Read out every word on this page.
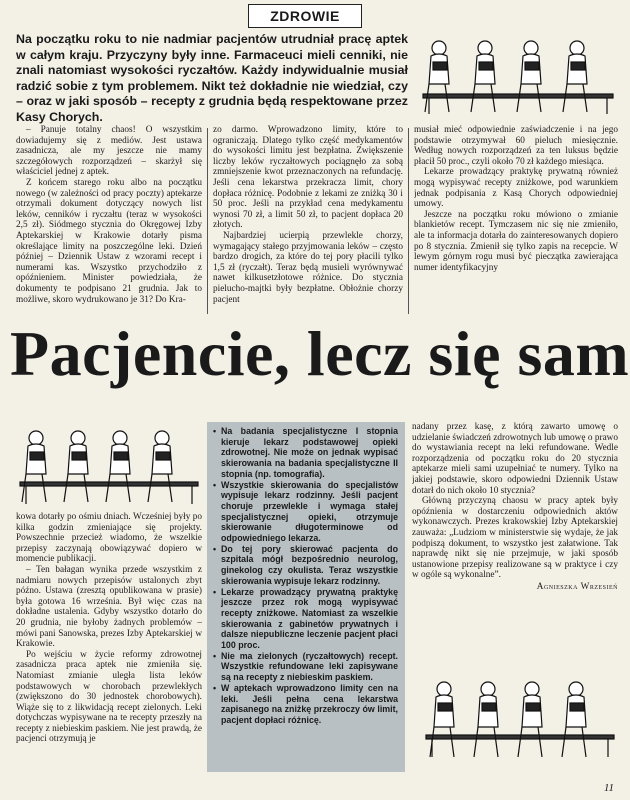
ZDROWIE

Na początku roku to nie nadmiar pacjentów utrudniał pracę aptek w całym kraju. Przyczyny były inne. Farmaceuci mieli cenniki, nie znali natomiast wysokości ryczałtów. Każdy indywidualnie musiał radzić sobie z tym problemem. Nikt też dokładnie nie wiedział, czy – oraz w jaki sposób – recepty z grudnia będą respektowane przez Kasy Chorych.

– Panuje totalny chaos! O wszystkim dowiadujemy się z mediów. Jest ustawa zasadnicza, ale my jeszcze nie mamy szczegółowych rozporządzeń – skarżył się właściciel jednej z aptek.

Z końcem starego roku albo na początku nowego (w zależności od pracy poczty) aptekarze otrzymali dokument dotyczący nowych list leków, cenników i ryczałtu (teraz w wysokości 2,5 zł). Siódmego stycznia do Okręgowej Izby Aptekarskiej w Krakowie dotarły pisma określające limity na poszczególne leki. Dzień później – Dziennik Ustaw z wzorami recept i numerami kas. Wszystko przychodziło z opóźnieniem. Minister powiedziała, że dokumenty te podpisano 21 grudnia. Jak to możliwe, skoro wydrukowano je 31? Do Kra-

zo darmo. Wprowadzono limity, które to ograniczają. Dlatego tylko część medykamentów do wysokości limitu jest bezpłatna. Zwiększenie liczby leków ryczałtowych pociągnęło za sobą zmniejszenie kwot przeznaczonych na refundację. Jeśli cena lekarstwa przekracza limit, chory dopłaca różnicę. Podobnie z lekami ze zniżką 30 i 50 proc. Jeśli na przykład cena medykamentu wynosi 70 zł, a limit 50 zł, to pacjent dopłaca 20 złotych.

Najbardziej ucierpią przewlekle chorzy, wymagający stałego przyjmowania leków – często bardzo drogich, za które do tej pory płacili tylko 1,5 zł (ryczałt). Teraz będą musieli wyrównywać nawet kilkusetzłotowe różnice. Do stycznia pielucho-majtki były bezpłatne. Obłożnie chorzy pacjent

musiał mieć odpowiednie zaświadczenie i na jego podstawie otrzymywał 60 pieluch miesięcznie. Według nowych rozporządzeń za ten luksus będzie płacił 50 proc., czyli około 70 zł każdego miesiąca.

Lekarze prowadzący praktykę prywatną również mogą wypisywać recepty zniżkowe, pod warunkiem jednak podpisania z Kasą Chorych odpowiedniej umowy.

Jeszcze na początku roku mówiono o zmianie blankietów recept. Tymczasem nic się nie zmieniło, ale ta informacja dotarła do zainteresowanych dopiero po 8 stycznia. Zmienił się tylko zapis na recepcie. W lewym górnym rogu musi być pieczątka zawierająca numer identyfikacyjny

Pacjencie, lecz się sam

kowa dotarły po ośmiu dniach. Wcześniej były po kilka godzin zmieniające się projekty. Powszechnie przecież wiadomo, że wszelkie przepisy zaczynają obowiązywać dopiero w momencie publikacji.

– Ten bałagan wynika przede wszystkim z nadmiaru nowych przepisów ustalonych zbyt późno. Ustawa (zresztą opublikowana w prasie) była gotowa 16 września. Był więc czas na dokładne ustalenia. Gdyby wszystko dotarło do 20 grudnia, nie byłoby żadnych problemów – mówi pani Sanowska, prezes Izby Aptekarskiej w Krakowie.

Po wejściu w życie reformy zdrowotnej zasadnicza praca aptek nie zmieniła się. Natomiast zmianie uległa lista leków podstawowych w chorobach przewlekłych (zwiększono do 30 jednostek chorobowych). Wiąże się to z likwidacją recept zielonych. Leki dotychczas wypisywane na te recepty przeszły na recepty z niebieskim paskiem. Nie jest prawdą, że pacjenci otrzymują je

• Na badania specjalistyczne I stopnia kieruje lekarz podstawowej opieki zdrowotnej. Nie może on jednak wypisać skierowania na badania specjalistyczne II stopnia (np. tomografia).
• Wszystkie skierowania do specjalistów wypisuje lekarz rodzinny. Jeśli pacjent choruje przewlekle i wymaga stałej specjalistycznej opieki, otrzymuje skierowanie długoterminowe od odpowiedniego lekarza.
• Do tej pory skierować pacjenta do szpitala mógł bezpośrednio neurolog, ginekolog czy okulista. Teraz wszystkie skierowania wypisuje lekarz rodzinny.
• Lekarze prowadzący prywatną praktykę jeszcze przez rok mogą wypisywać recepty zniżkowe. Natomiast za wszelkie skierowania z gabinetów prywatnych i dalsze niepubliczne leczenie pacjent płaci 100 proc.
• Nie ma zielonych (ryczałtowych) recept. Wszystkie refundowane leki zapisywane są na recepty z niebieskim paskiem.
• W aptekach wprowadzono limity cen na leki. Jeśli pełna cena lekarstwa zapisanego na zniżkę przekroczy ów limit, pacjent dopłaci różnicę.

nadany przez kasę, z którą zawarto umowę o udzielanie świadczeń zdrowotnych lub umowę o prawo do wystawiania recept na leki refundowane. Wedle rozporządzenia od początku roku do 20 stycznia aptekarze mieli sami uzupełniać te numery. Tylko na jakiej podstawie, skoro odpowiedni Dziennik Ustaw dotarł do nich około 10 stycznia?

Główną przyczyną chaosu w pracy aptek były opóźnienia w dostarczeniu odpowiednich aktów wykonawczych. Prezes krakowskiej Izby Aptekarskiej zauważa: „Ludziom w ministerstwie się wydaje, że jak podpiszą dokument, to wszystko jest załatwione. Tak naprawdę nikt się nie przejmuje, w jaki sposób ustanowione przepisy realizowane są w praktyce i czy w ogóle są wykonalne”.

Agnieszka Wrzesień
11
